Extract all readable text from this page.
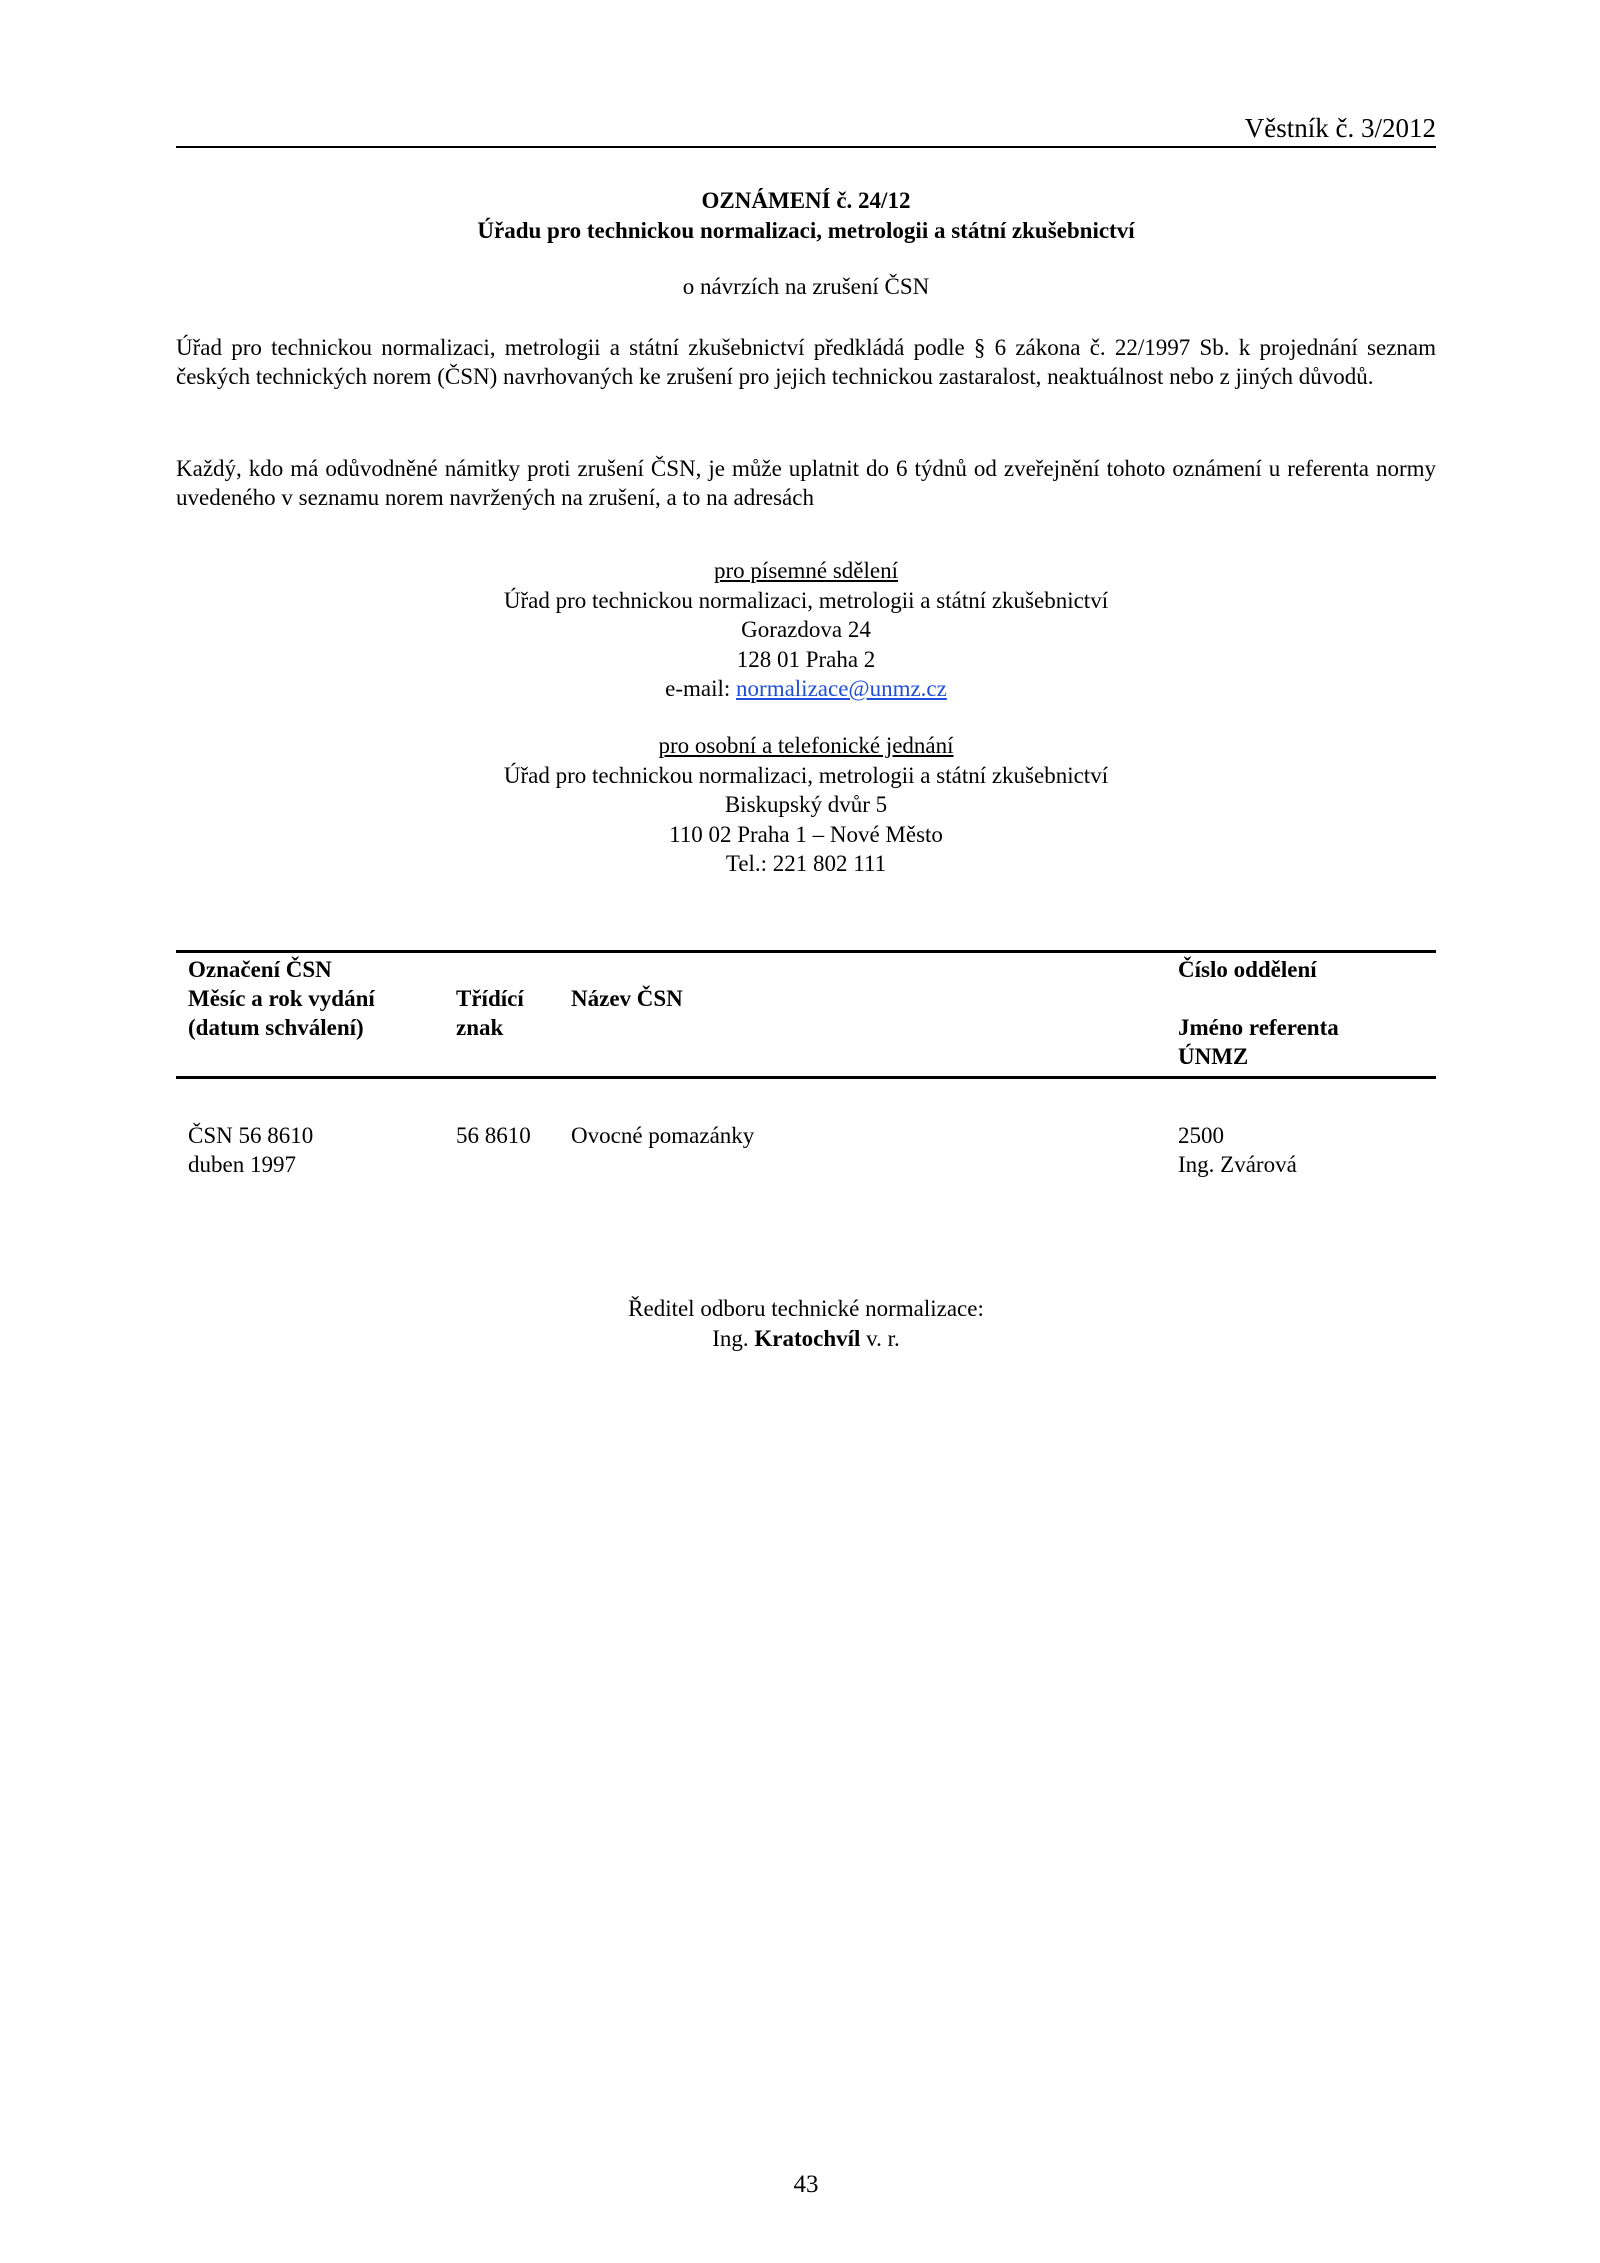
Věstník č. 3/2012
OZNÁMENÍ č. 24/12
Úřadu pro technickou normalizaci, metrologii a státní zkušebnictví
o návrzích na zrušení ČSN
Úřad pro technickou normalizaci, metrologii a státní zkušebnictví předkládá podle § 6 zákona č. 22/1997 Sb. k projednání seznam českých technických norem (ČSN) navrhovaných ke zrušení pro jejich technickou zastaralost, neaktuálnost nebo z jiných důvodů.
Každý, kdo má odůvodněné námitky proti zrušení ČSN, je může uplatnit do 6 týdnů od zveřejnění tohoto oznámení u referenta normy uvedeného v seznamu norem navržených na zrušení, a to na adresách
pro písemné sdělení
Úřad pro technickou normalizaci, metrologii a státní zkušebnictví
Gorazdova 24
128 01 Praha 2
e-mail: normalizace@unmz.cz
pro osobní a telefonické jednání
Úřad pro technickou normalizaci, metrologii a státní zkušebnictví
Biskupský dvůr 5
110 02 Praha 1 – Nové Město
Tel.: 221 802 111
Označení ČSN
Měsíc a rok vydání
(datum schválení)
Třídící
znak
Název ČSN
Číslo oddělení
Jméno referenta
ÚNMZ
ČSN 56 8610
duben 1997
56 8610 Ovocné pomazánky	2500
Ing. Zvárová
Ředitel odboru technické normalizace:
Ing. Kratochvíl v. r.
43
